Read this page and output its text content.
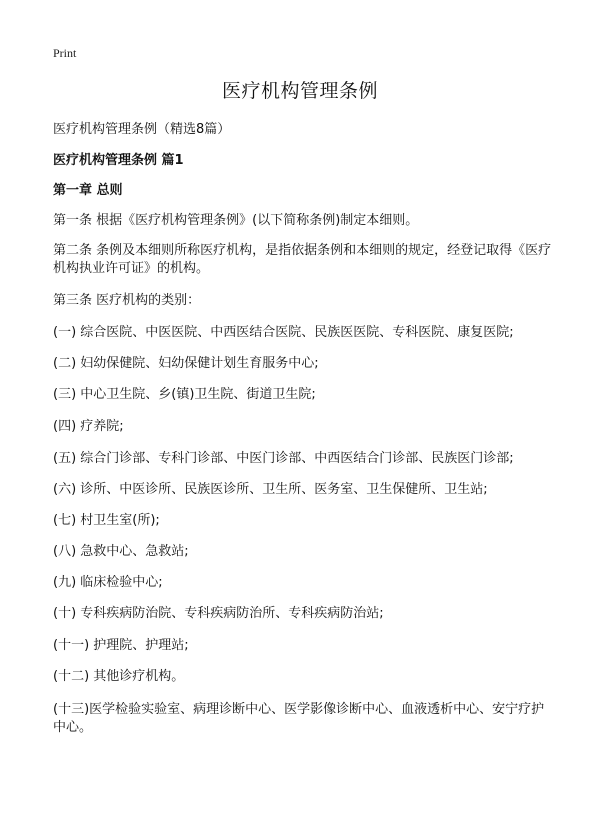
Print
医疗机构管理条例
医疗机构管理条例（精选8篇）
医疗机构管理条例 篇1
第一章 总则
第一条 根据《医疗机构管理条例》(以下简称条例)制定本细则。
第二条 条例及本细则所称医疗机构，是指依据条例和本细则的规定，经登记取得《医疗机构执业许可证》的机构。
第三条 医疗机构的类别：
(一) 综合医院、中医医院、中西医结合医院、民族医医院、专科医院、康复医院;
(二) 妇幼保健院、妇幼保健计划生育服务中心;
(三) 中心卫生院、乡(镇)卫生院、街道卫生院;
(四) 疗养院;
(五) 综合门诊部、专科门诊部、中医门诊部、中西医结合门诊部、民族医门诊部;
(六) 诊所、中医诊所、民族医诊所、卫生所、医务室、卫生保健所、卫生站;
(七) 村卫生室(所);
(八) 急救中心、急救站;
(九) 临床检验中心;
(十) 专科疾病防治院、专科疾病防治所、专科疾病防治站;
(十一) 护理院、护理站;
(十二) 其他诊疗机构。
(十三)医学检验实验室、病理诊断中心、医学影像诊断中心、血液透析中心、安宁疗护中心。
